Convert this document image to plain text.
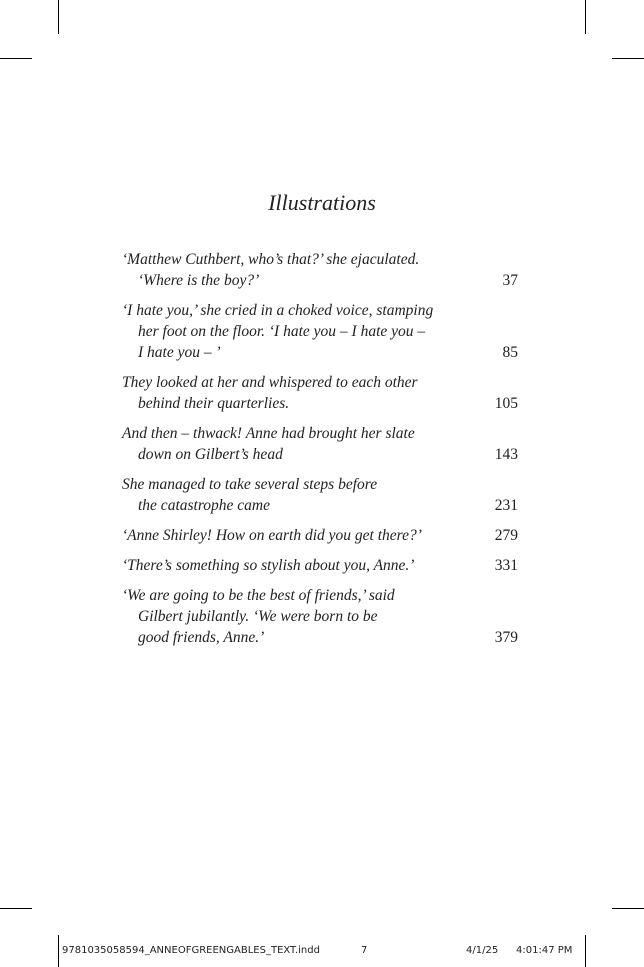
Illustrations
‘Matthew Cuthbert, who’s that?’ she ejaculated.
‘Where is the boy?’	37
‘I hate you,’ she cried in a choked voice, stamping
her foot on the floor. ‘I hate you – I hate you –
I hate you – ’	85
They looked at her and whispered to each other
behind their quarterlies.	105
And then – thwack! Anne had brought her slate
down on Gilbert’s head	143
She managed to take several steps before
the catastrophe came	231
‘Anne Shirley! How on earth did you get there?’	279
‘There’s something so stylish about you, Anne.’	331
‘We are going to be the best of friends,’ said
Gilbert jubilantly. ‘We were born to be
good friends, Anne.’	379
9781035058594_ANNEOFGREENGABLES_TEXT.indd	7	4/1/25 4:01:47 PM
